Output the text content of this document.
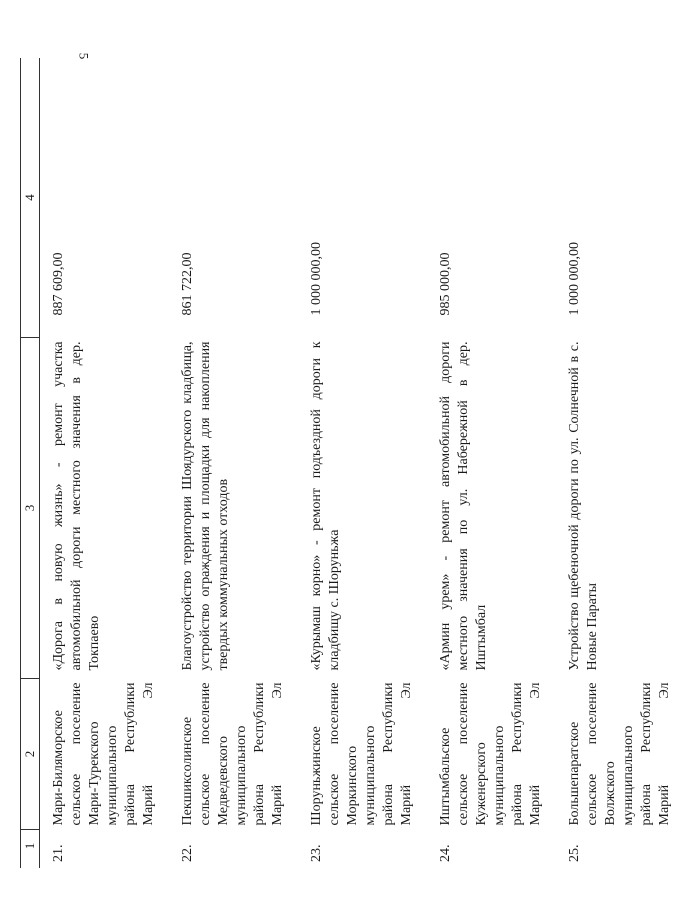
5
1	2	3	4
21.	Мари-Биляморское сельское поселение Мари-Турекского муниципального района Республики Марий Эл	«Дорога в новую жизнь» - ремонт участка автомобильной дороги местного значения в дер. Токпаево	887 609,00
22.	Пекшиксолинское сельское поселение Медведевского муниципального района Республики Марий Эл	Благоустройство территории Шоядурского кладбища, устройство ограждения и площадки для накопления твердых коммунальных отходов	861 722,00
23.	Шоруньжинское сельское поселение Моркинского муниципального района Республики Марий Эл	«Курымаш корно» - ремонт подъездной дороги к кладбищу с. Шоруньжа	1 000 000,00
24.	Иштымбальское сельское поселение Куженерского муниципального района Республики Марий Эл	«Армин урем» - ремонт автомобильной дороги местного значения по ул. Набережной в дер. Иштымбал	985 000,00
25.	Большепаратское сельское поселение Волжского муниципального района Республики Марий Эл	Устройство щебеночной дороги по ул. Солнечной в с. Новые Параты	1 000 000,00
